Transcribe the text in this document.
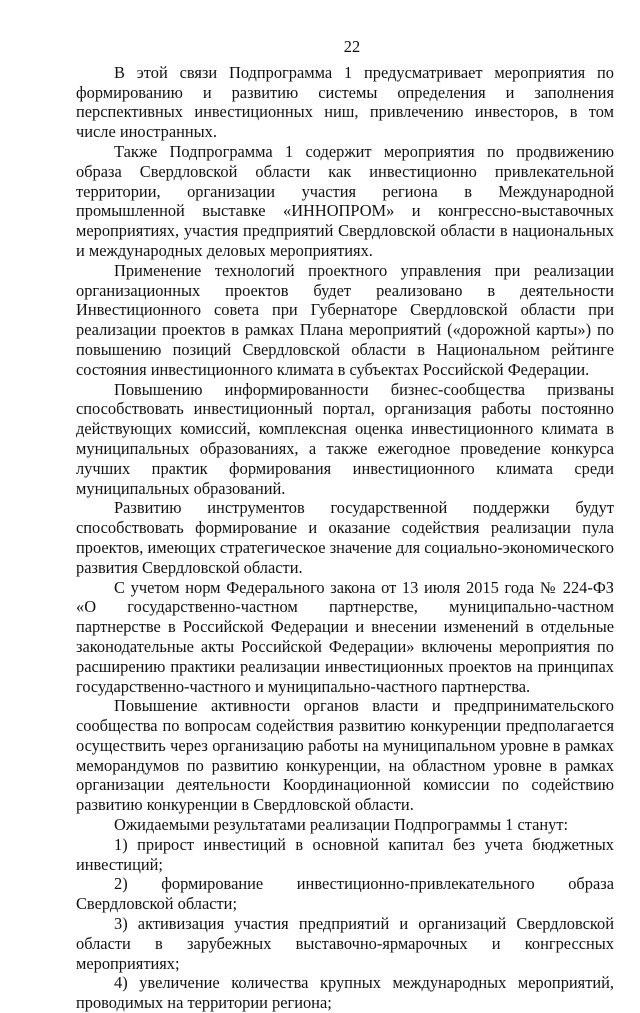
22

В этой связи Подпрограмма 1 предусматривает мероприятия по формированию и развитию системы определения и заполнения перспективных инвестиционных ниш, привлечению инвесторов, в том числе иностранных.

Также Подпрограмма 1 содержит мероприятия по продвижению образа Свердловской области как инвестиционно привлекательной территории, организации участия региона в Международной промышленной выставке «ИННОПРОМ» и конгрессно-выставочных мероприятиях, участия предприятий Свердловской области в национальных и международных деловых мероприятиях.

Применение технологий проектного управления при реализации организационных проектов будет реализовано в деятельности Инвестиционного совета при Губернаторе Свердловской области при реализации проектов в рамках Плана мероприятий («дорожной карты») по повышению позиций Свердловской области в Национальном рейтинге состояния инвестиционного климата в субъектах Российской Федерации.

Повышению информированности бизнес-сообщества призваны способствовать инвестиционный портал, организация работы постоянно действующих комиссий, комплексная оценка инвестиционного климата в муниципальных образованиях, а также ежегодное проведение конкурса лучших практик формирования инвестиционного климата среди муниципальных образований.

Развитию инструментов государственной поддержки будут способствовать формирование и оказание содействия реализации пула проектов, имеющих стратегическое значение для социально-экономического развития Свердловской области.

С учетом норм Федерального закона от 13 июля 2015 года № 224-ФЗ «О государственно-частном партнерстве, муниципально-частном партнерстве в Российской Федерации и внесении изменений в отдельные законодательные акты Российской Федерации» включены мероприятия по расширению практики реализации инвестиционных проектов на принципах государственно-частного и муниципально-частного партнерства.

Повышение активности органов власти и предпринимательского сообщества по вопросам содействия развитию конкуренции предполагается осуществить через организацию работы на муниципальном уровне в рамках меморандумов по развитию конкуренции, на областном уровне в рамках организации деятельности Координационной комиссии по содействию развитию конкуренции в Свердловской области.

Ожидаемыми результатами реализации Подпрограммы 1 станут:

1) прирост инвестиций в основной капитал без учета бюджетных инвестиций;

2) формирование инвестиционно-привлекательного образа Свердловской области;

3) активизация участия предприятий и организаций Свердловской области в зарубежных выставочно-ярмарочных и конгрессных мероприятиях;

4) увеличение количества крупных международных мероприятий, проводимых на территории региона;
